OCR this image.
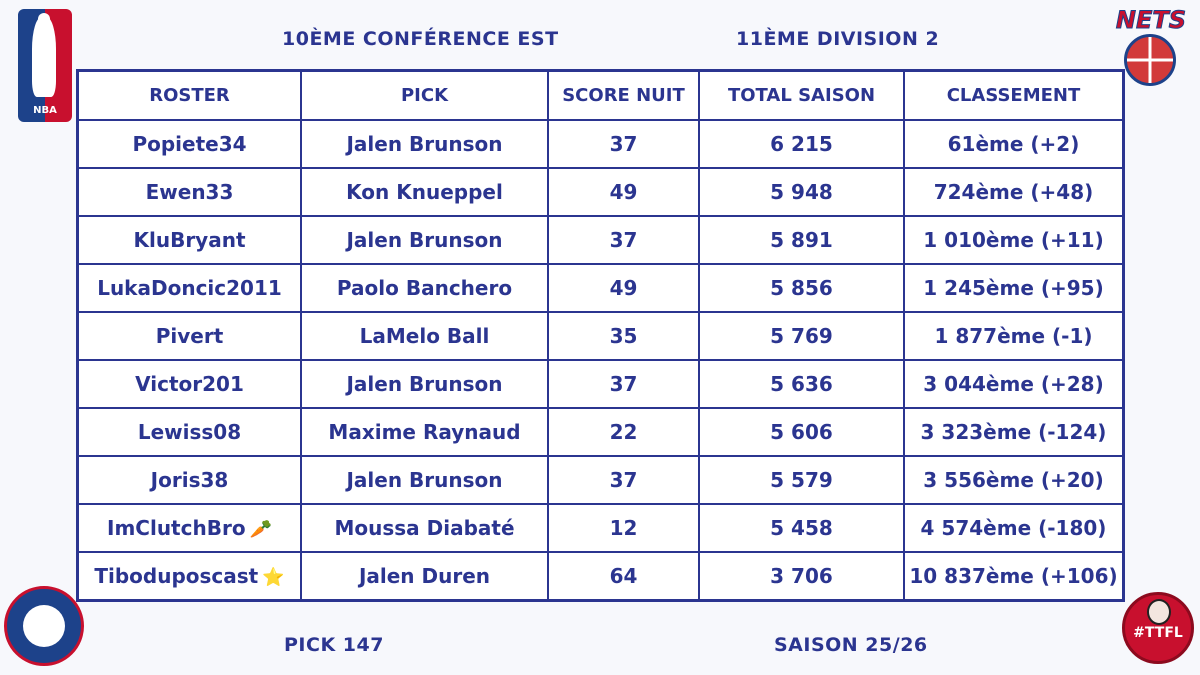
NBA
NETS
#TTFL
10ÈME CONFÉRENCE EST	11ÈME DIVISION 2
ROSTER	PICK	SCORE NUIT	TOTAL SAISON	CLASSEMENT
Popiete34	Jalen Brunson	37	6 215	61ème (+2)
Ewen33	Kon Knueppel	49	5 948	724ème (+48)
KluBryant	Jalen Brunson	37	5 891	1 010ème (+11)
LukaDoncic2011	Paolo Banchero	49	5 856	1 245ème (+95)
Pivert	LaMelo Ball	35	5 769	1 877ème (-1)
Victor201	Jalen Brunson	37	5 636	3 044ème (+28)
Lewiss08	Maxime Raynaud	22	5 606	3 323ème (-124)
Joris38	Jalen Brunson	37	5 579	3 556ème (+20)
ImClutchBro 🥕	Moussa Diabaté	12	5 458	4 574ème (-180)
Tiboduposcast ⭐	Jalen Duren	64	3 706	10 837ème (+106)
PICK 147	SAISON 25/26
